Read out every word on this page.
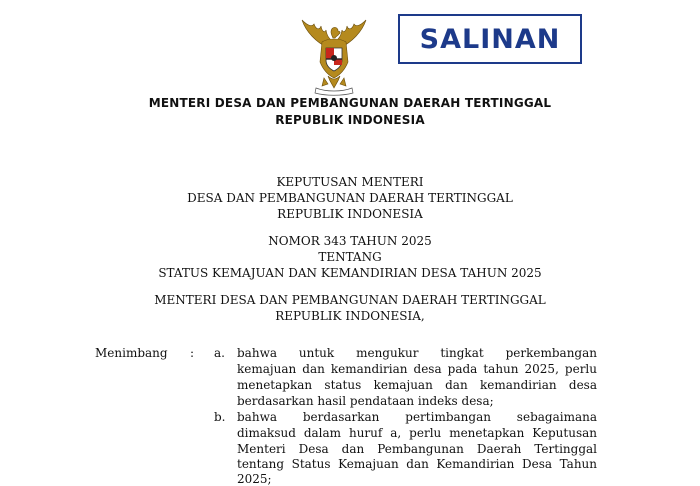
SALINAN
MENTERI DESA DAN PEMBANGUNAN DAERAH TERTINGGAL
REPUBLIK INDONESIA
KEPUTUSAN MENTERI
DESA DAN PEMBANGUNAN DAERAH TERTINGGAL
REPUBLIK INDONESIA
NOMOR 343 TAHUN 2025
TENTANG
STATUS KEMAJUAN DAN KEMANDIRIAN DESA TAHUN 2025
MENTERI DESA DAN PEMBANGUNAN DAERAH TERTINGGAL
REPUBLIK INDONESIA,
Menimbang : a. bahwa untuk mengukur tingkat perkembangan
kemajuan dan kemandirian desa pada tahun 2025, perlu
menetapkan status kemajuan dan kemandirian desa
berdasarkan hasil pendataan indeks desa;
b. bahwa berdasarkan pertimbangan sebagaimana
dimaksud dalam huruf a, perlu menetapkan Keputusan
Menteri Desa dan Pembangunan Daerah Tertinggal
tentang Status Kemajuan dan Kemandirian Desa Tahun
2025;
